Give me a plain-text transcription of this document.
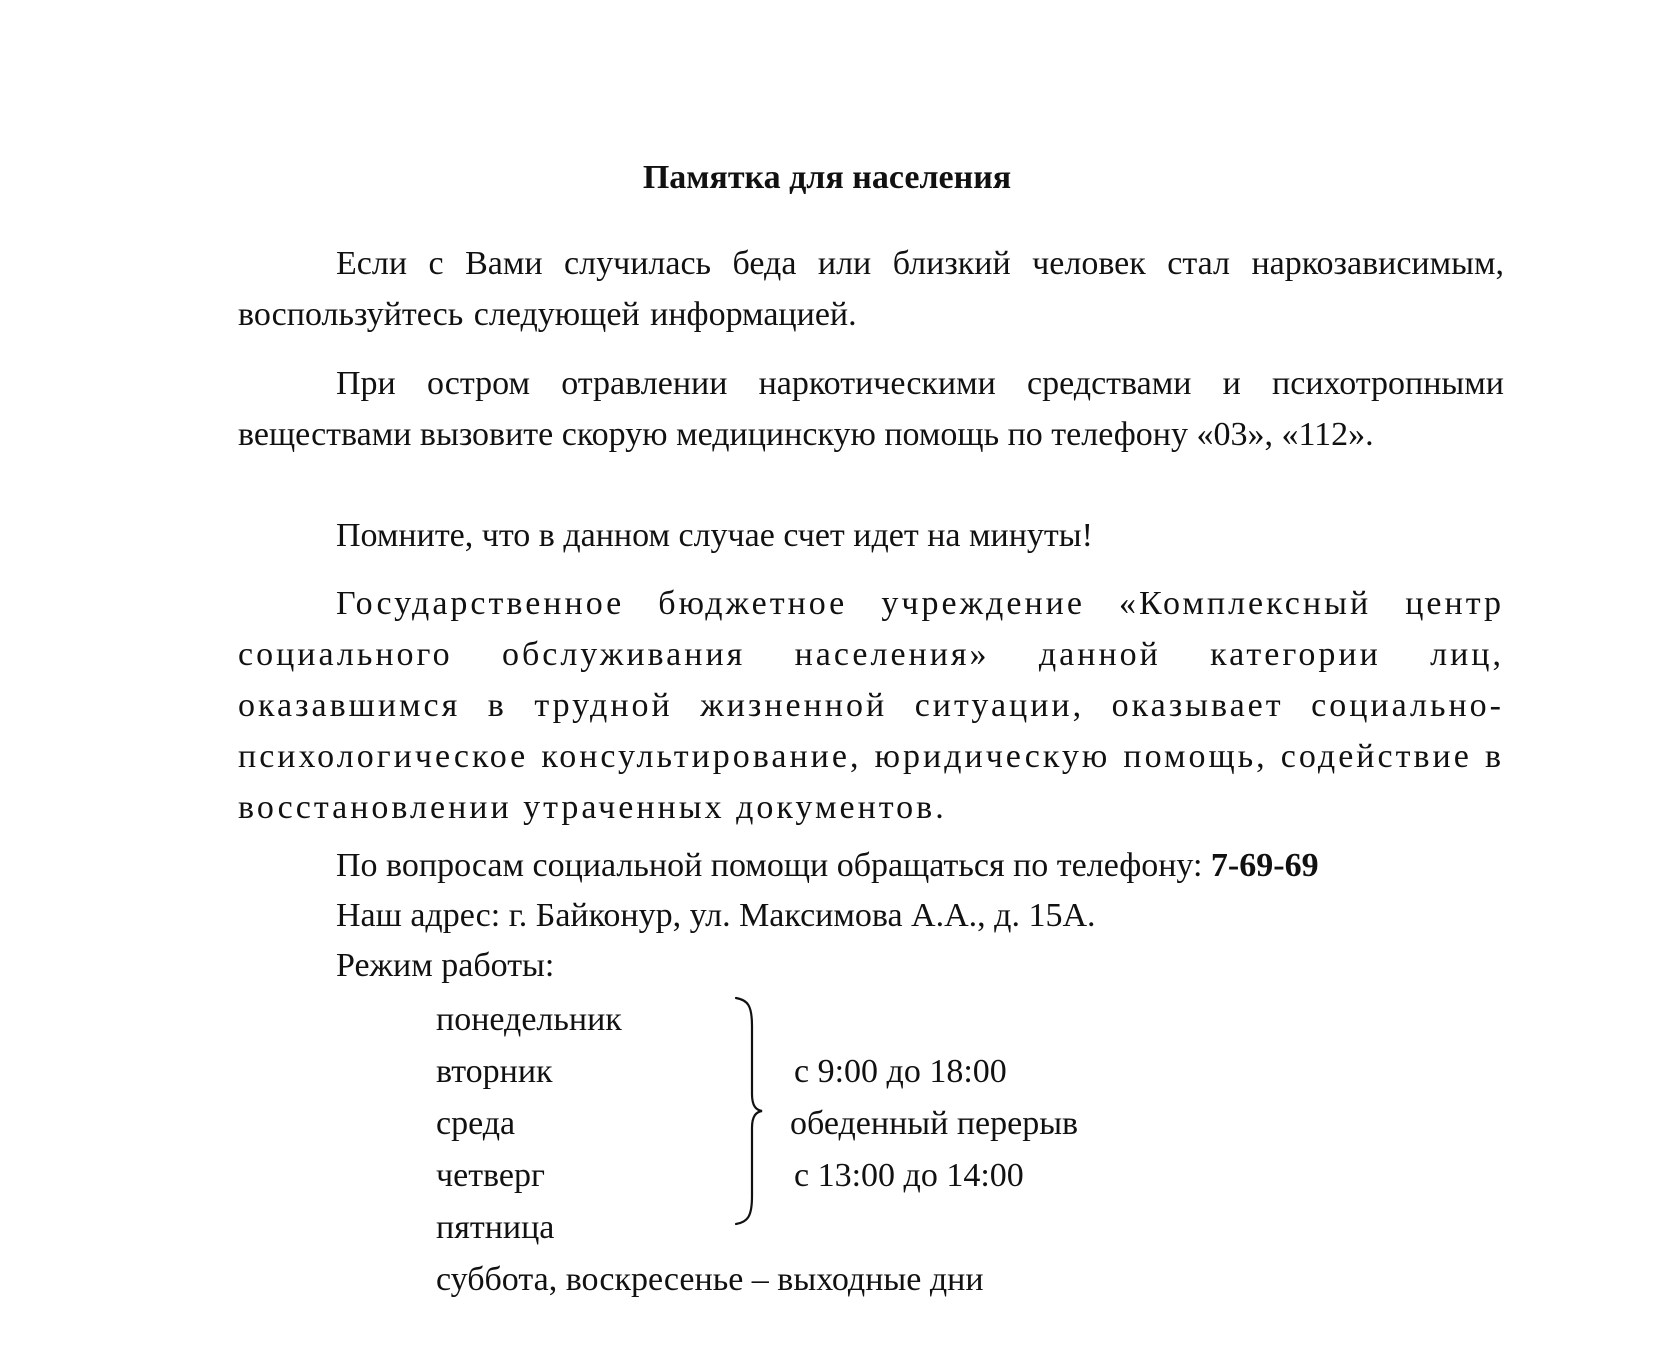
Памятка для населения

Если с Вами случилась беда или близкий человек стал наркозависимым, воспользуйтесь следующей информацией.

При остром отравлении наркотическими средствами и психотропными веществами вызовите скорую медицинскую помощь по телефону «03», «112».

Помните, что в данном случае счет идет на минуты!

Государственное бюджетное учреждение «Комплексный центр социального обслуживания населения» данной категории лиц, оказавшимся в трудной жизненной ситуации, оказывает социально-психологическое консультирование, юридическую помощь, содействие в восстановлении утраченных документов.

По вопросам социальной помощи обращаться по телефону: 7-69-69

Наш адрес: г. Байконур, ул. Максимова А.А., д. 15А.

Режим работы:

понедельник
вторник
среда
четверг
пятница
суббота, воскресенье – выходные дни
с 9:00 до 18:00
обеденный перерыв
с 13:00 до 14:00
